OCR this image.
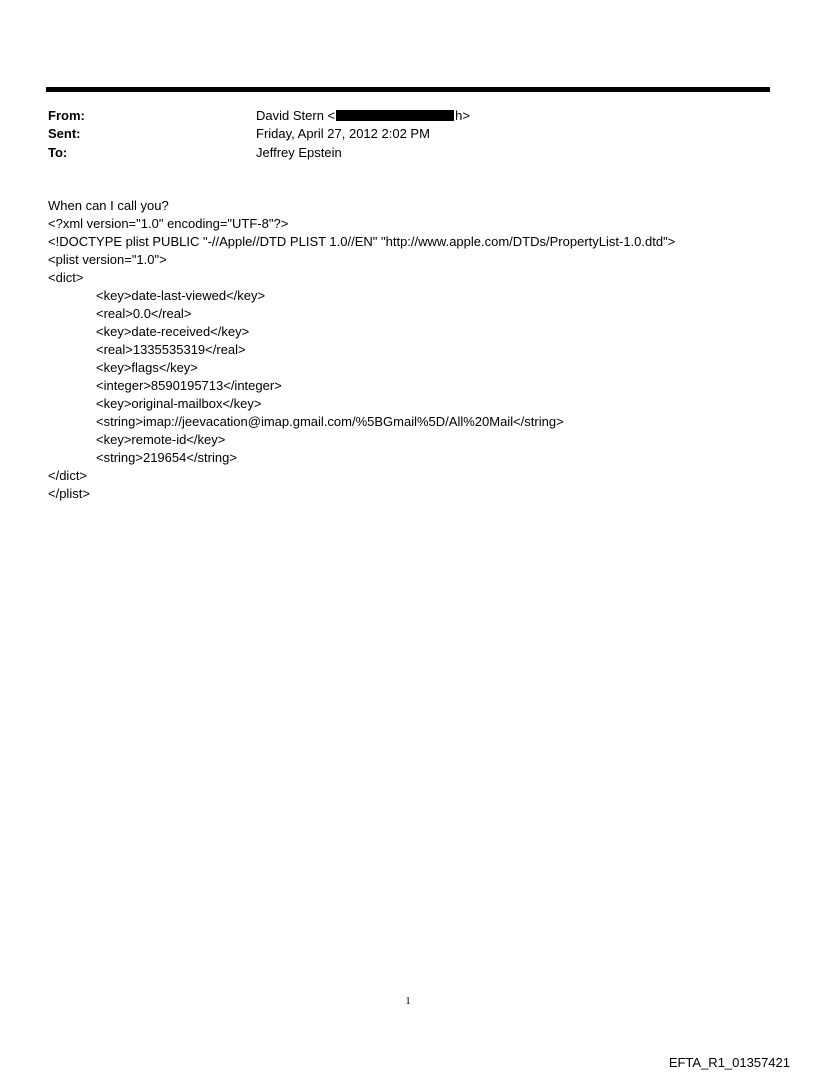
From:	David Stern <	h>
Sent:	Friday, April 27, 2012 2:02 PM
To:	Jeffrey Epstein
When can I call you?
<?xml version="1.0" encoding="UTF-8"?>
<!DOCTYPE plist PUBLIC "-//Apple//DTD PLIST 1.0//EN" "http://www.apple.com/DTDs/PropertyList-1.0.dtd">
<plist version="1.0">
<dict>
<key>date-last-viewed</key>
<real>0.0</real>
<key>date-received</key>
<real>1335535319</real>
<key>flags</key>
<integer>8590195713</integer>
<key>original-mailbox</key>
<string>imap://jeevacation@imap.gmail.com/%5BGmail%5D/All%20Mail</string>
<key>remote-id</key>
<string>219654</string>
</dict>
</plist>
1
EFTA_R1_01357421
